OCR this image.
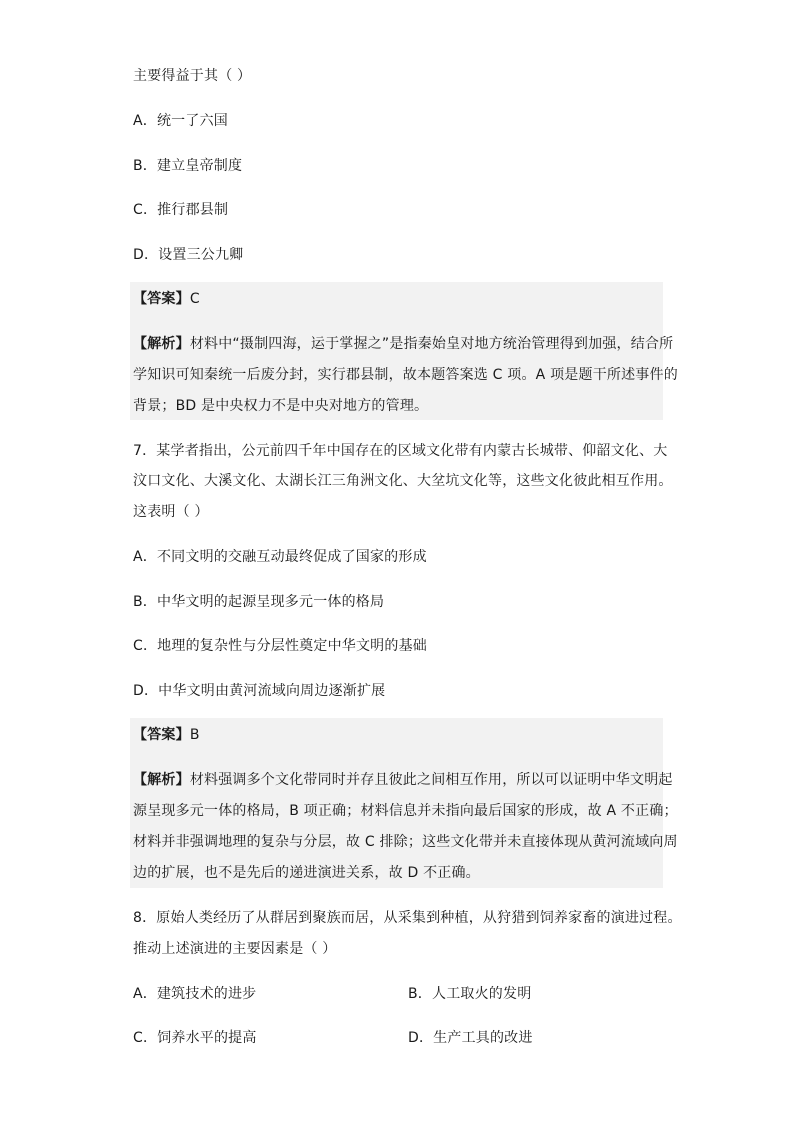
主要得益于其（ ）
A．统一了六国
B．建立皇帝制度
C．推行郡县制
D．设置三公九卿
【答案】C
【解析】材料中“摄制四海，运于掌握之”是指秦始皇对地方统治管理得到加强，结合所
学知识可知秦统一后废分封，实行郡县制，故本题答案选 C 项。A 项是题干所述事件的
背景；BD 是中央权力不是中央对地方的管理。
7．某学者指出，公元前四千年中国存在的区域文化带有内蒙古长城带、仰韶文化、大
汶口文化、大溪文化、太湖长江三角洲文化、大坌坑文化等，这些文化彼此相互作用。
这表明（ ）
A．不同文明的交融互动最终促成了国家的形成
B．中华文明的起源呈现多元一体的格局
C．地理的复杂性与分层性奠定中华文明的基础
D．中华文明由黄河流域向周边逐渐扩展
【答案】B
【解析】材料强调多个文化带同时并存且彼此之间相互作用，所以可以证明中华文明起
源呈现多元一体的格局，B 项正确；材料信息并未指向最后国家的形成，故 A 不正确；
材料并非强调地理的复杂与分层，故 C 排除；这些文化带并未直接体现从黄河流域向周
边的扩展，也不是先后的递进演进关系，故 D 不正确。
8．原始人类经历了从群居到聚族而居，从采集到种植，从狩猎到饲养家畜的演进过程。
推动上述演进的主要因素是（ ）
A．建筑技术的进步	B．人工取火的发明
C．饲养水平的提高	D．生产工具的改进
